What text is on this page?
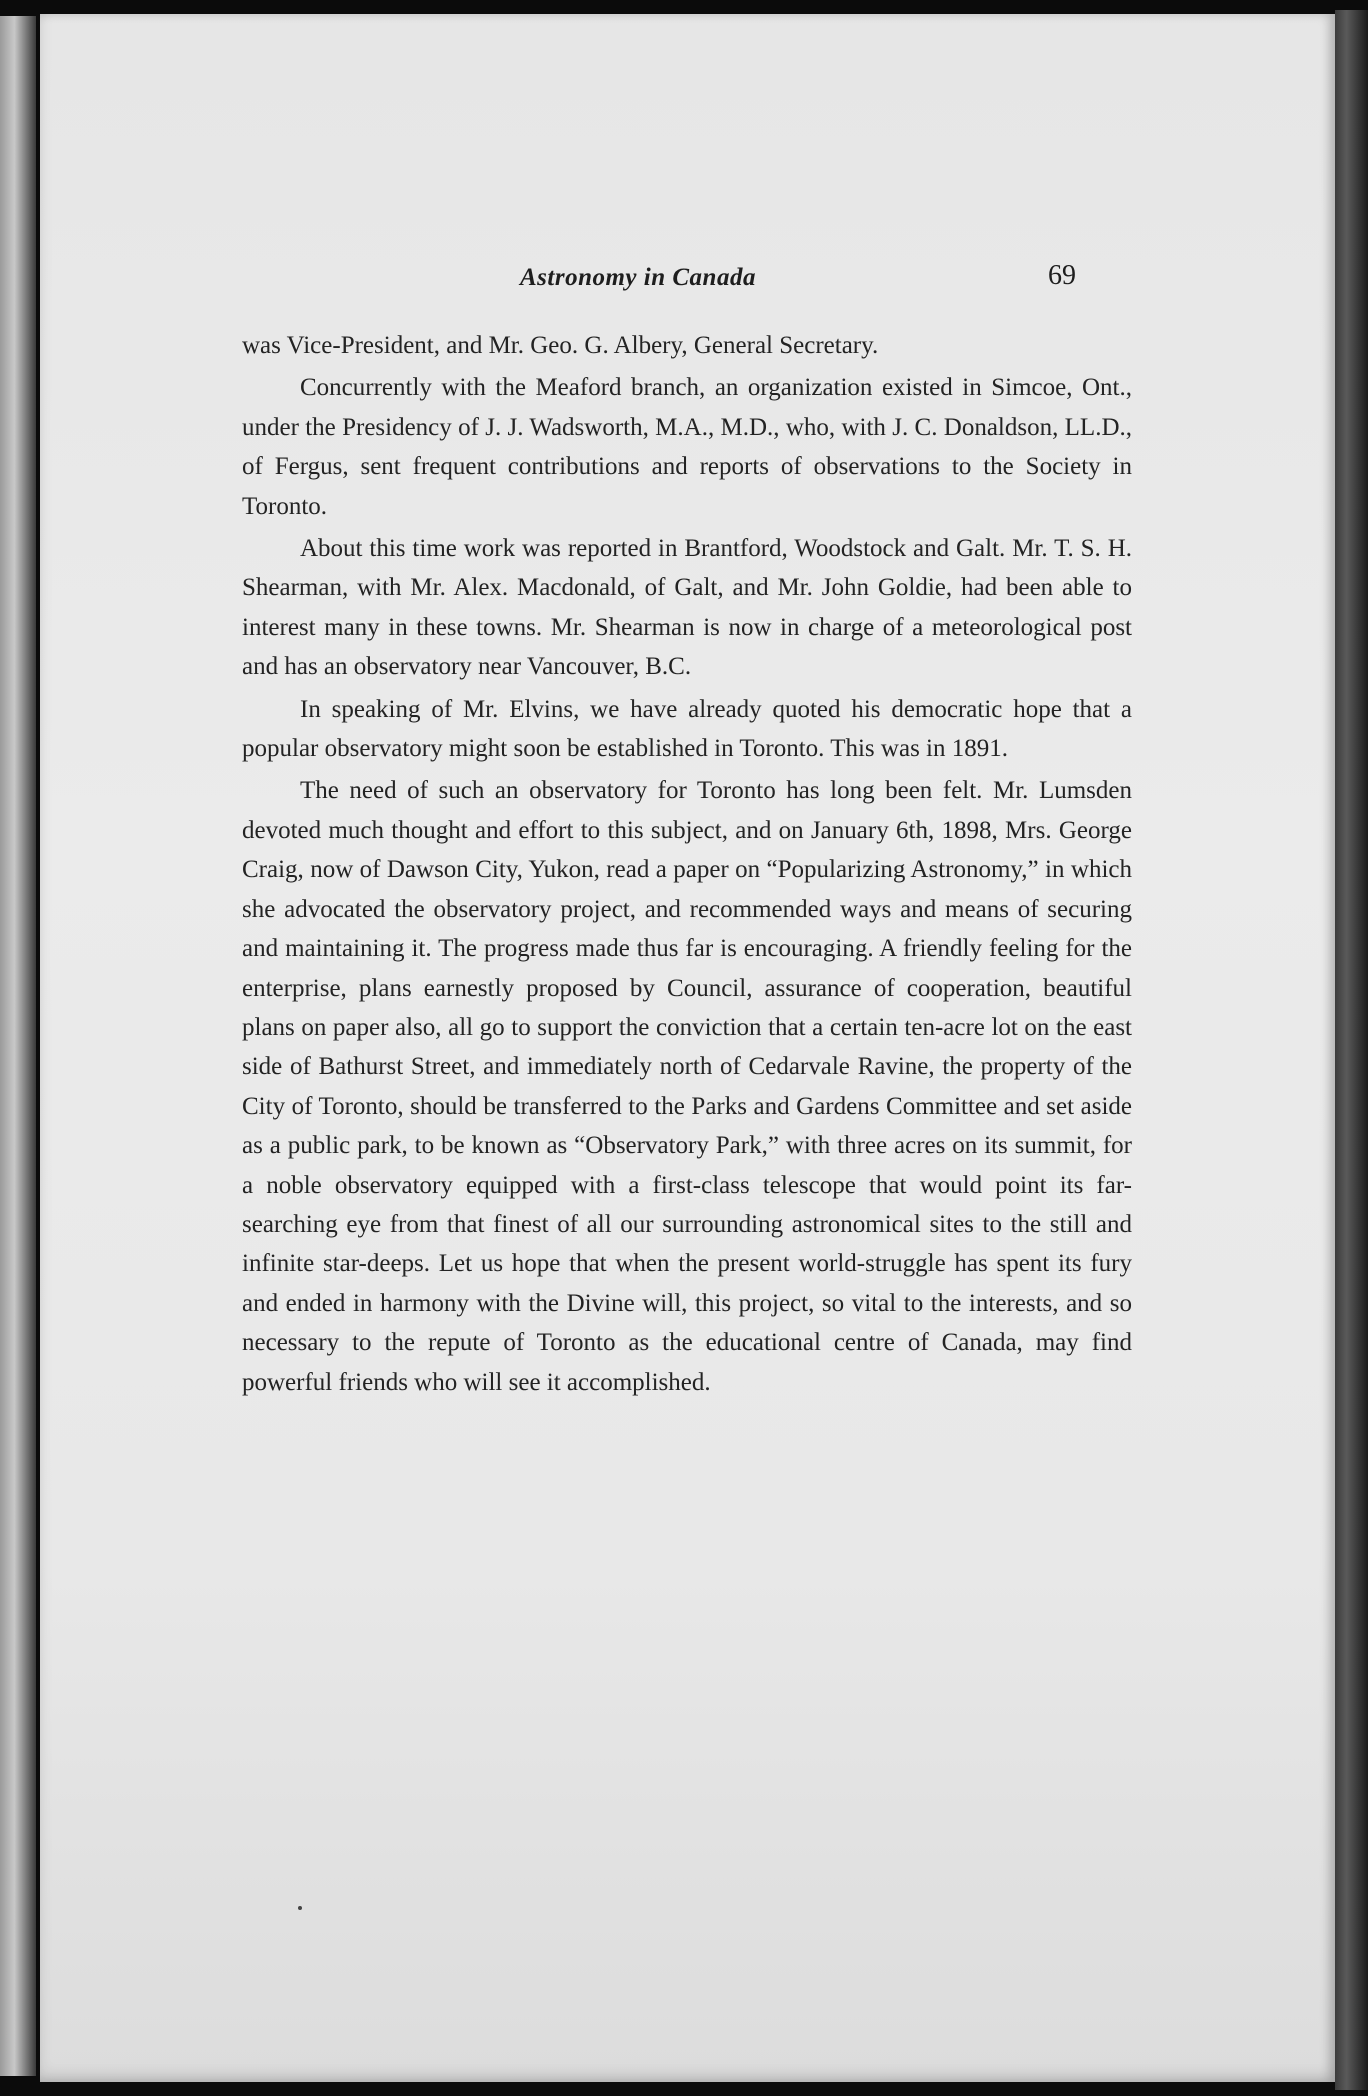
Astronomy in Canada	69

was Vice-President, and Mr. Geo. G. Albery, General Secretary.

Concurrently with the Meaford branch, an organization existed in Simcoe, Ont., under the Presidency of J. J. Wadsworth, M.A., M.D., who, with J. C. Donaldson, LL.D., of Fergus, sent frequent contributions and reports of observations to the Society in Toronto.

About this time work was reported in Brantford, Woodstock and Galt. Mr. T. S. H. Shearman, with Mr. Alex. Macdonald, of Galt, and Mr. John Goldie, had been able to interest many in these towns. Mr. Shearman is now in charge of a meteorological post and has an observatory near Vancouver, B.C.

In speaking of Mr. Elvins, we have already quoted his democratic hope that a popular observatory might soon be established in Toronto. This was in 1891.

The need of such an observatory for Toronto has long been felt. Mr. Lumsden devoted much thought and effort to this subject, and on January 6th, 1898, Mrs. George Craig, now of Dawson City, Yukon, read a paper on “Popularizing Astronomy,” in which she advocated the observatory project, and recommended ways and means of securing and maintaining it. The progress made thus far is encouraging. A friendly feeling for the enterprise, plans earnestly proposed by Council, assurance of cooperation, beautiful plans on paper also, all go to support the conviction that a certain ten-acre lot on the east side of Bathurst Street, and immediately north of Cedarvale Ravine, the property of the City of Toronto, should be transferred to the Parks and Gardens Committee and set aside as a public park, to be known as “Observatory Park,” with three acres on its summit, for a noble observatory equipped with a first-class telescope that would point its far-searching eye from that finest of all our surrounding astronomical sites to the still and infinite star-deeps. Let us hope that when the present world-struggle has spent its fury and ended in harmony with the Divine will, this project, so vital to the interests, and so necessary to the repute of Toronto as the educational centre of Canada, may find powerful friends who will see it accomplished.
